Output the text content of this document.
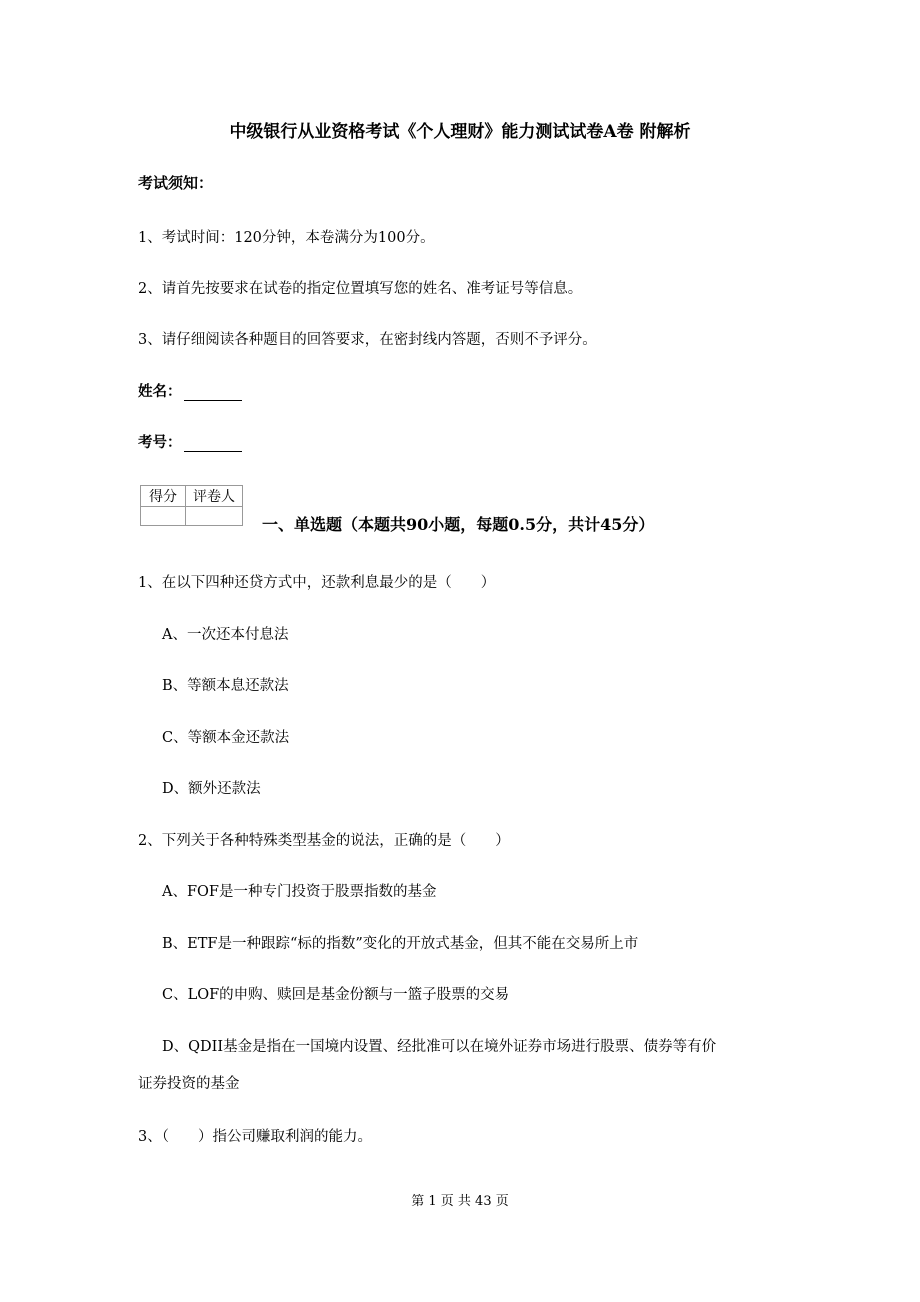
中级银行从业资格考试《个人理财》能力测试试卷A卷 附解析
考试须知：
1、考试时间：120分钟，本卷满分为100分。
2、请首先按要求在试卷的指定位置填写您的姓名、准考证号等信息。
3、请仔细阅读各种题目的回答要求，在密封线内答题，否则不予评分。
姓名：
考号：
得分	评卷人

一、单选题（本题共90小题，每题0.5分，共计45分）
1、在以下四种还贷方式中，还款利息最少的是（　　）
A、一次还本付息法
B、等额本息还款法
C、等额本金还款法
D、额外还款法
2、下列关于各种特殊类型基金的说法，正确的是（　　）
A、FOF是一种专门投资于股票指数的基金
B、ETF是一种跟踪“标的指数”变化的开放式基金，但其不能在交易所上市
C、LOF的申购、赎回是基金份额与一篮子股票的交易
D、QDII基金是指在一国境内设置、经批准可以在境外证券市场进行股票、债券等有价
证券投资的基金
3、（　　）指公司赚取利润的能力。
第 1 页 共 43 页
